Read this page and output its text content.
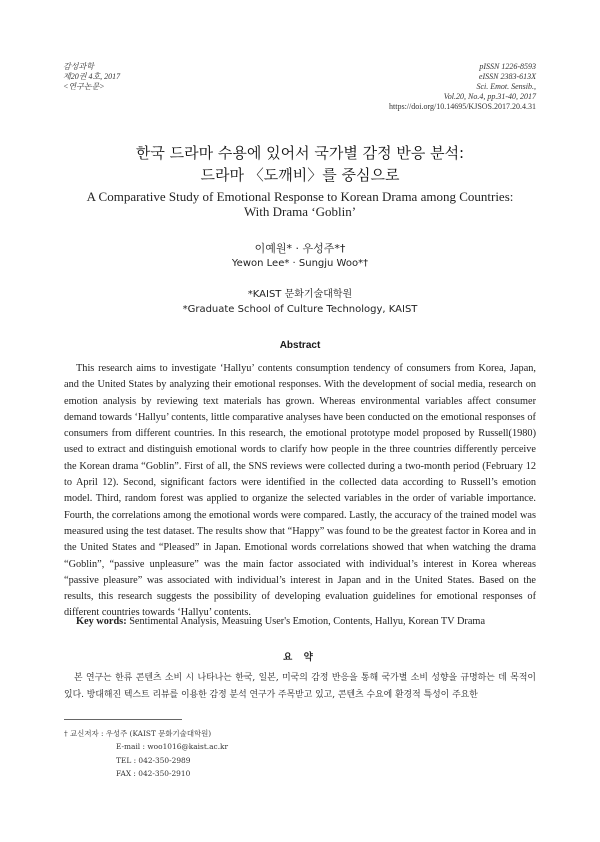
감성과학
제20권 4호, 2017
<연구논문>
pISSN 1226-8593
eISSN 2383-613X
Sci. Emot. Sensib.,
Vol.20, No.4, pp.31-40, 2017
https://doi.org/10.14695/KJSOS.2017.20.4.31
한국 드라마 수용에 있어서 국가별 감정 반응 분석:
드라마 〈도깨비〉를 중심으로
A Comparative Study of Emotional Response to Korean Drama among Countries:
With Drama ‘Goblin’
이예원* · 우성주*†
Yewon Lee* · Sungju Woo*†
*KAIST 문화기술대학원
*Graduate School of Culture Technology, KAIST
Abstract

This research aims to investigate ‘Hallyu’ contents consumption tendency of consumers from Korea, Japan, and the United States by analyzing their emotional responses. With the development of social media, research on emotion analysis by reviewing text materials has grown. Whereas environmental variables affect consumer demand towards ‘Hallyu’ contents, little comparative analyses have been conducted on the emotional responses of consumers from different countries. In this research, the emotional prototype model proposed by Russell(1980) used to extract and distinguish emotional words to clarify how people in the three countries differently perceive the Korean drama “Goblin”. First of all, the SNS reviews were collected during a two-month period (February 12 to April 12). Second, significant factors were identified in the collected data according to Russell’s emotion model. Third, random forest was applied to organize the selected variables in the order of variable importance. Fourth, the correlations among the emotional words were compared. Lastly, the accuracy of the trained model was measured using the test dataset. The results show that “Happy” was found to be the greatest factor in Korea and in the United States and “Pleased” in Japan. Emotional words correlations showed that when watching the drama “Goblin”, “passive unpleasure” was the main factor associated with individual’s interest in Korea whereas “passive pleasure” was associated with individual’s interest in Japan and in the United States. Based on the results, this research suggests the possibility of developing evaluation guidelines for emotional responses of different countries towards ‘Hallyu’ contents.

Key words: Sentimental Analysis, Measuing User's Emotion, Contents, Hallyu, Korean TV Drama
요 약

본 연구는 한류 콘텐츠 소비 시 나타나는 한국, 일본, 미국의 감정 반응을 통해 국가별 소비 성향을 규명하는 데 목적이 있다. 방대해진 텍스트 리뷰를 이용한 감정 분석 연구가 주목받고 있고, 콘텐츠 수요에 환경적 특성이 주요한

† 교신저자 : 우성주 (KAIST 문화기술대학원)
E-mail : woo1016@kaist.ac.kr
TEL : 042-350-2989
FAX : 042-350-2910
